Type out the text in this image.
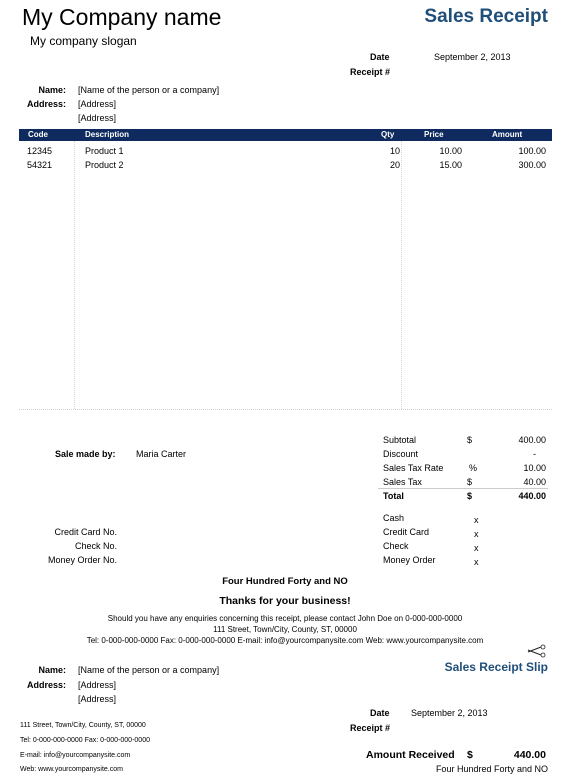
My Company name
My company slogan
Sales Receipt
Date	September 2, 2013
Receipt #
Name: [Name of the person or a company]
Address: [Address]
[Address]
Code	Description	Qty	Price	Amount
12345	Product 1	10	10.00	100.00
54321	Product 2	20	15.00	300.00
Sale made by: Maria Carter
Subtotal	$	400.00
Discount	-
Sales Tax Rate	%	10.00
Sales Tax	$	40.00
Total	$	440.00
Credit Card No.
Check No.
Money Order No.
Cash	x
Credit Card	x
Check	x
Money Order	x
Four Hundred Forty and NO
Thanks for your business!
Should you have any enquiries concerning this receipt, please contact John Doe on 0-000-000-0000
111 Street, Town/City, County, ST, 00000
Tel: 0-000-000-0000 Fax: 0-000-000-0000 E-mail: info@yourcompanysite.com Web: www.yourcompanysite.com
Sales Receipt Slip
Name: [Name of the person or a company]
Address: [Address]
[Address]
Date September 2, 2013
Receipt #
111 Street, Town/City, County, ST, 00000
Tel: 0-000-000-0000 Fax: 0-000-000-0000
E-mail: info@yourcompanysite.com
Web: www.yourcompanysite.com
Amount Received $	440.00
Four Hundred Forty and NO
